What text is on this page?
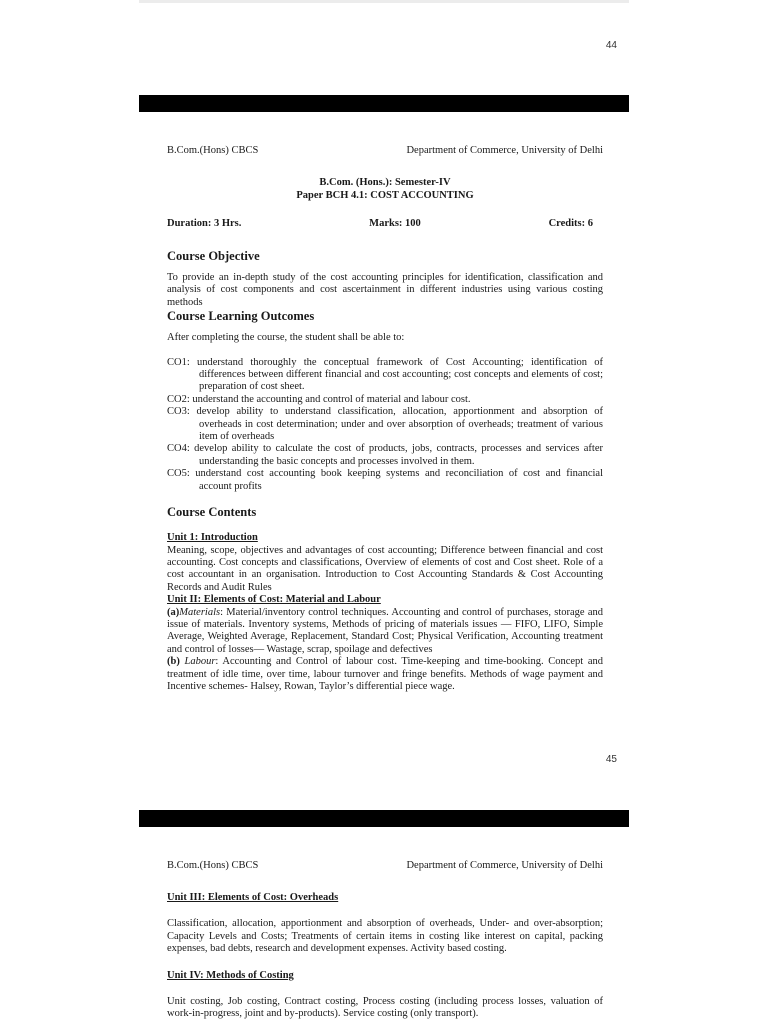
44
B.Com.(Hons) CBCS	Department of Commerce, University of Delhi
B.Com. (Hons.): Semester-IV
Paper BCH 4.1: COST ACCOUNTING
Duration: 3 Hrs.	Marks: 100	Credits: 6
Course Objective

To provide an in-depth study of the cost accounting principles for identification, classification and analysis of cost components and cost ascertainment in different industries using various costing methods

Course Learning Outcomes

After completing the course, the student shall be able to:

CO1: understand thoroughly the conceptual framework of Cost Accounting; identification of differences between different financial and cost accounting; cost concepts and elements of cost; preparation of cost sheet.
CO2: understand the accounting and control of material and labour cost.
CO3: develop ability to understand classification, allocation, apportionment and absorption of overheads in cost determination; under and over absorption of overheads; treatment of various item of overheads
CO4: develop ability to calculate the cost of products, jobs, contracts, processes and services after understanding the basic concepts and processes involved in them.
CO5: understand cost accounting book keeping systems and reconciliation of cost and financial account profits
Course Contents
Unit 1: Introduction

Meaning, scope, objectives and advantages of cost accounting; Difference between financial and cost accounting. Cost concepts and classifications, Overview of elements of cost and Cost sheet. Role of a cost accountant in an organisation. Introduction to Cost Accounting Standards & Cost Accounting Records and Audit Rules

Unit II: Elements of Cost: Material and Labour

(a)Materials: Material/inventory control techniques. Accounting and control of purchases, storage and issue of materials. Inventory systems, Methods of pricing of materials issues — FIFO, LIFO, Simple Average, Weighted Average, Replacement, Standard Cost; Physical Verification, Accounting treatment and control of losses— Wastage, scrap, spoilage and defectives

(b) Labour: Accounting and Control of labour cost. Time-keeping and time-booking. Concept and treatment of idle time, over time, labour turnover and fringe benefits. Methods of wage payment and Incentive schemes- Halsey, Rowan, Taylor’s differential piece wage.

45
B.Com.(Hons) CBCS	Department of Commerce, University of Delhi
Unit III: Elements of Cost: Overheads

Classification, allocation, apportionment and absorption of overheads, Under- and over-absorption; Capacity Levels and Costs; Treatments of certain items in costing like interest on capital, packing expenses, bad debts, research and development expenses. Activity based costing.

Unit IV: Methods of Costing

Unit costing, Job costing, Contract costing, Process costing (including process losses, valuation of work-in-progress, joint and by-products). Service costing (only transport).
